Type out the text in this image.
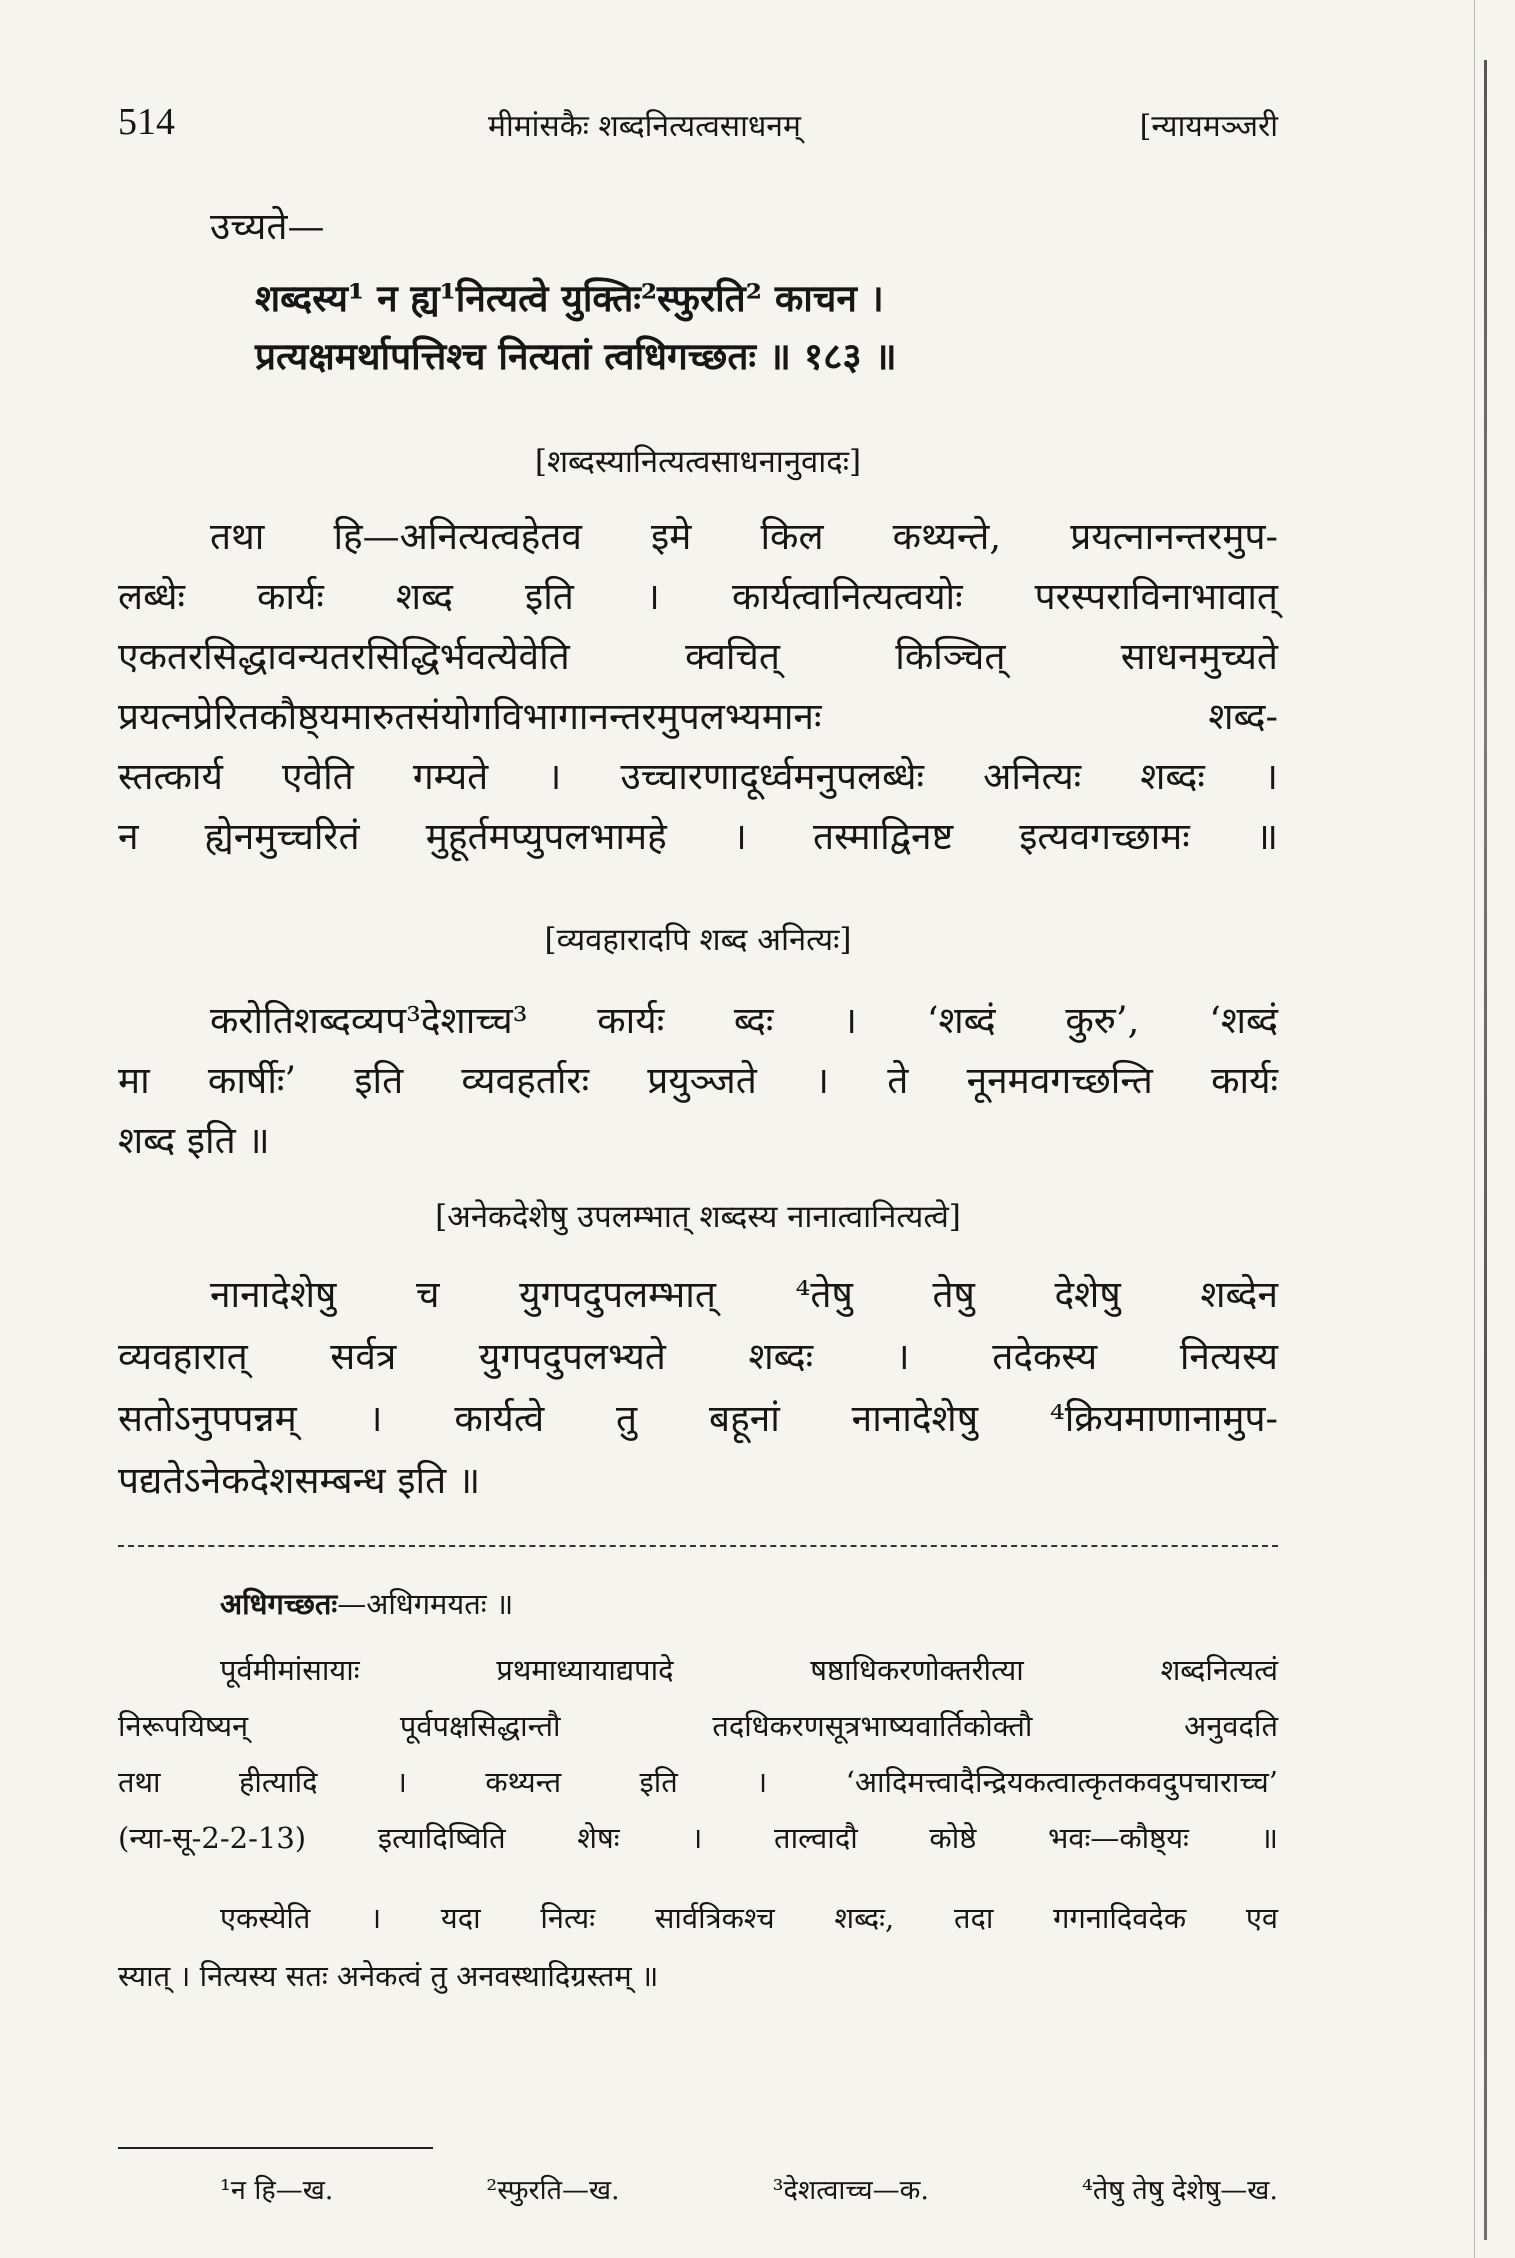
514	मीमांसकैः शब्दनित्यत्वसाधनम्	[न्यायमञ्जरी
उच्यते—
शब्दस्य¹ न ह्य¹नित्यत्वे युक्तिः²स्फुरति² काचन ।
प्रत्यक्षमर्थापत्तिश्च नित्यतां त्वधिगच्छतः ॥ १८३ ॥
[शब्दस्यानित्यत्वसाधनानुवादः]
तथा हि—अनित्यत्वहेतव इमे किल कथ्यन्ते, प्रयत्नानन्तरमुप-
लब्धेः कार्यः शब्द इति । कार्यत्वानित्यत्वयोः परस्पराविनाभावात्
एकतरसिद्धावन्यतरसिद्धिर्भवत्येवेति क्वचित् किञ्चित् साधनमुच्यते
प्रयत्नप्रेरितकौष्ठ्यमारुतसंयोगविभागानन्तरमुपलभ्यमानः शब्द-
स्तत्कार्य एवेति गम्यते । उच्चारणादूर्ध्वमनुपलब्धेः अनित्यः शब्दः ।
न ह्येनमुच्चरितं मुहूर्तमप्युपलभामहे । तस्माद्विनष्ट इत्यवगच्छामः ॥
[व्यवहारादपि शब्द अनित्यः]
करोतिशब्दव्यप³देशाच्च³ कार्यः ब्दः । ‘शब्दं कुरु’, ‘शब्दं
मा कार्षीः’ इति व्यवहर्तारः प्रयुञ्जते । ते नूनमवगच्छन्ति कार्यः
शब्द इति ॥
[अनेकदेशेषु उपलम्भात् शब्दस्य नानात्वानित्यत्वे]
नानादेशेषु च युगपदुपलम्भात् ⁴तेषु तेषु देशेषु शब्देन
व्यवहारात् सर्वत्र युगपदुपलभ्यते शब्दः । तदेकस्य नित्यस्य
सतोऽनुपपन्नम् । कार्यत्वे तु बहूनां नानादेशेषु ⁴क्रियमाणानामुप-
पद्यतेऽनेकदेशसम्बन्ध इति ॥
अधिगच्छतः—अधिगमयतः ॥
पूर्वमीमांसायाः प्रथमाध्यायाद्यपादे षष्ठाधिकरणोक्तरीत्या शब्दनित्यत्वं
निरूपयिष्यन् पूर्वपक्षसिद्धान्तौ तदधिकरणसूत्रभाष्यवार्तिकोक्तौ अनुवदति
तथा हीत्यादि । कथ्यन्त इति । ‘आदिमत्त्वादैन्द्रियकत्वात्कृतकवदुपचाराच्च’
(न्या-सू-2-2-13) इत्यादिष्विति शेषः । ताल्वादौ कोष्ठे भवः—कौष्ठ्यः ॥
एकस्येति । यदा नित्यः सार्वत्रिकश्च शब्दः, तदा गगनादिवदेक एव
स्यात् । नित्यस्य सतः अनेकत्वं तु अनवस्थादिग्रस्तम् ॥
¹न हि—ख.	²स्फुरति—ख.	³देशत्वाच्च—क.	⁴तेषु तेषु देशेषु—ख.
